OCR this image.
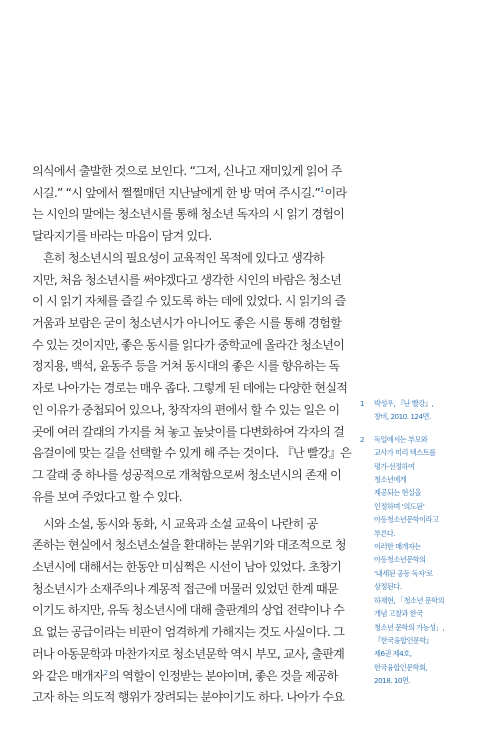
의식에서 출발한 것으로 보인다. “그저, 신나고 재미있게 읽어 주
시길.” “시 앞에서 쩔쩔매던 지난날에게 한 방 먹여 주시길.”$^1$이라
는 시인의 말에는 청소년시를 통해 청소년 독자의 시 읽기 경험이
달라지기를 바라는 마음이 담겨 있다.
흔히 청소년시의 필요성이 교육적인 목적에 있다고 생각하
지만, 처음 청소년시를 써야겠다고 생각한 시인의 바람은 청소년
이 시 읽기 자체를 즐길 수 있도록 하는 데에 있었다. 시 읽기의 즐
거움과 보람은 굳이 청소년시가 아니어도 좋은 시를 통해 경험할
수 있는 것이지만, 좋은 동시를 읽다가 중학교에 올라간 청소년이
정지용, 백석, 윤동주 등을 거쳐 동시대의 좋은 시를 향유하는 독
자로 나아가는 경로는 매우 좁다. 그렇게 된 데에는 다양한 현실적
인 이유가 중첩되어 있으나, 창작자의 편에서 할 수 있는 일은 이
곳에 여러 갈래의 가지를 쳐 놓고 높낮이를 다변화하여 각자의 걸
음걸이에 맞는 길을 선택할 수 있게 해 주는 것이다. 『난 빨강』은
그 갈래 중 하나를 성공적으로 개척함으로써 청소년시의 존재 이
유를 보여 주었다고 할 수 있다.
시와 소설, 동시와 동화, 시 교육과 소설 교육이 나란히 공
존하는 현실에서 청소년소설을 환대하는 분위기와 대조적으로 청
소년시에 대해서는 한동안 미심쩍은 시선이 남아 있었다. 초창기
청소년시가 소재주의나 계몽적 접근에 머물러 있었던 한계 때문
이기도 하지만, 유독 청소년시에 대해 출판계의 상업 전략이나 수
요 없는 공급이라는 비판이 엄격하게 가해지는 것도 사실이다. 그
러나 아동문학과 마찬가지로 청소년문학 역시 부모, 교사, 출판계
와 같은 매개자$^2$의 역할이 인정받는 분야이며, 좋은 것을 제공하
고자 하는 의도적 행위가 장려되는 분야이기도 하다. 나아가 수요
1 박성우, 『난 빨강』,
창비, 2010. 124면.
2 독일에서는 부모와
교사가 미리 텍스트를
평가·선정하여
청소년에게
제공되는 현실을
인정하며 ‘의도된’
아동청소년문학이라고
부른다.
이러한 매개자는
아동청소년문학의
‘내세된 공동 독자’로
상정된다.
하채현, 「청소년 문학의
개념 고찰과 한국
청소년 문학의 가능성」,
『한국융합인문학』
제6권 제4호,
한국융합인문학회,
2018. 10면.
